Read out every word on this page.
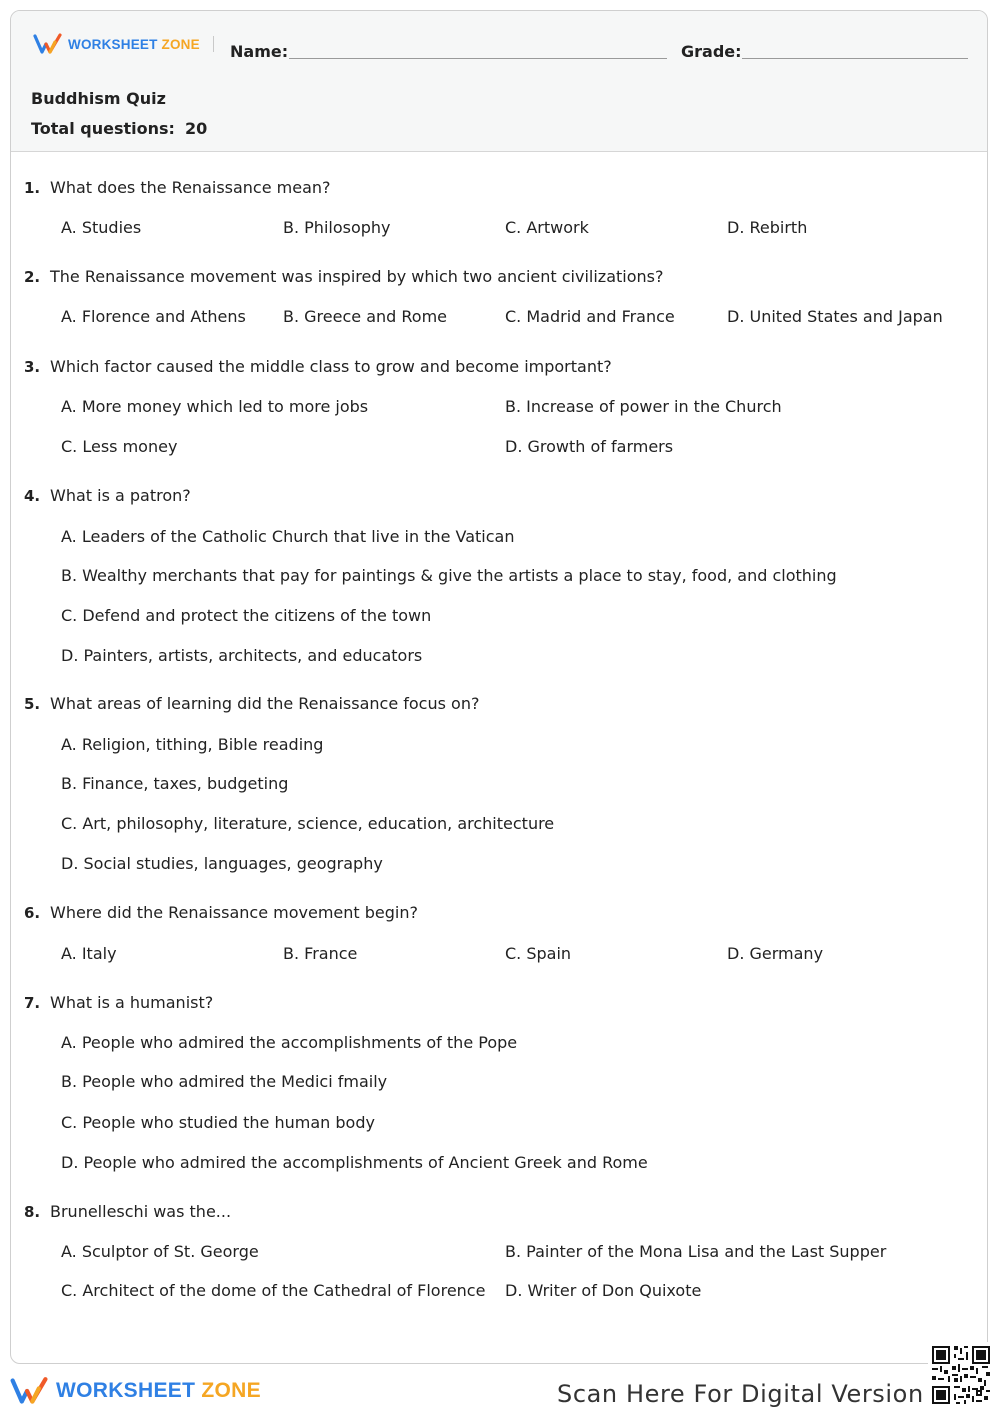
WORKSHEET ZONE Name:	Grade:
Buddhism Quiz
Total questions: 20
1. What does the Renaissance mean?
A. Studies	B. Philosophy	C. Artwork	D. Rebirth
2. The Renaissance movement was inspired by which two ancient civilizations?
A. Florence and Athens B. Greece and Rome	C. Madrid and France	D. United States and Japan
3. Which factor caused the middle class to grow and become important?
A. More money which led to more jobs	B. Increase of power in the Church
C. Less money	D. Growth of farmers
4. What is a patron?
A. Leaders of the Catholic Church that live in the Vatican
B. Wealthy merchants that pay for paintings & give the artists a place to stay, food, and clothing
C. Defend and protect the citizens of the town
D. Painters, artists, architects, and educators
5. What areas of learning did the Renaissance focus on?
A. Religion, tithing, Bible reading
B. Finance, taxes, budgeting
C. Art, philosophy, literature, science, education, architecture
D. Social studies, languages, geography
6. Where did the Renaissance movement begin?
A. Italy	B. France	C. Spain	D. Germany
7. What is a humanist?
A. People who admired the accomplishments of the Pope
B. People who admired the Medici fmaily
C. People who studied the human body
D. People who admired the accomplishments of Ancient Greek and Rome
8. Brunelleschi was the...
A. Sculptor of St. George	B. Painter of the Mona Lisa and the Last Supper
C. Architect of the dome of the Cathedral of Florence D. Writer of Don Quixote
WORKSHEET ZONE	Scan Here For Digital Version
